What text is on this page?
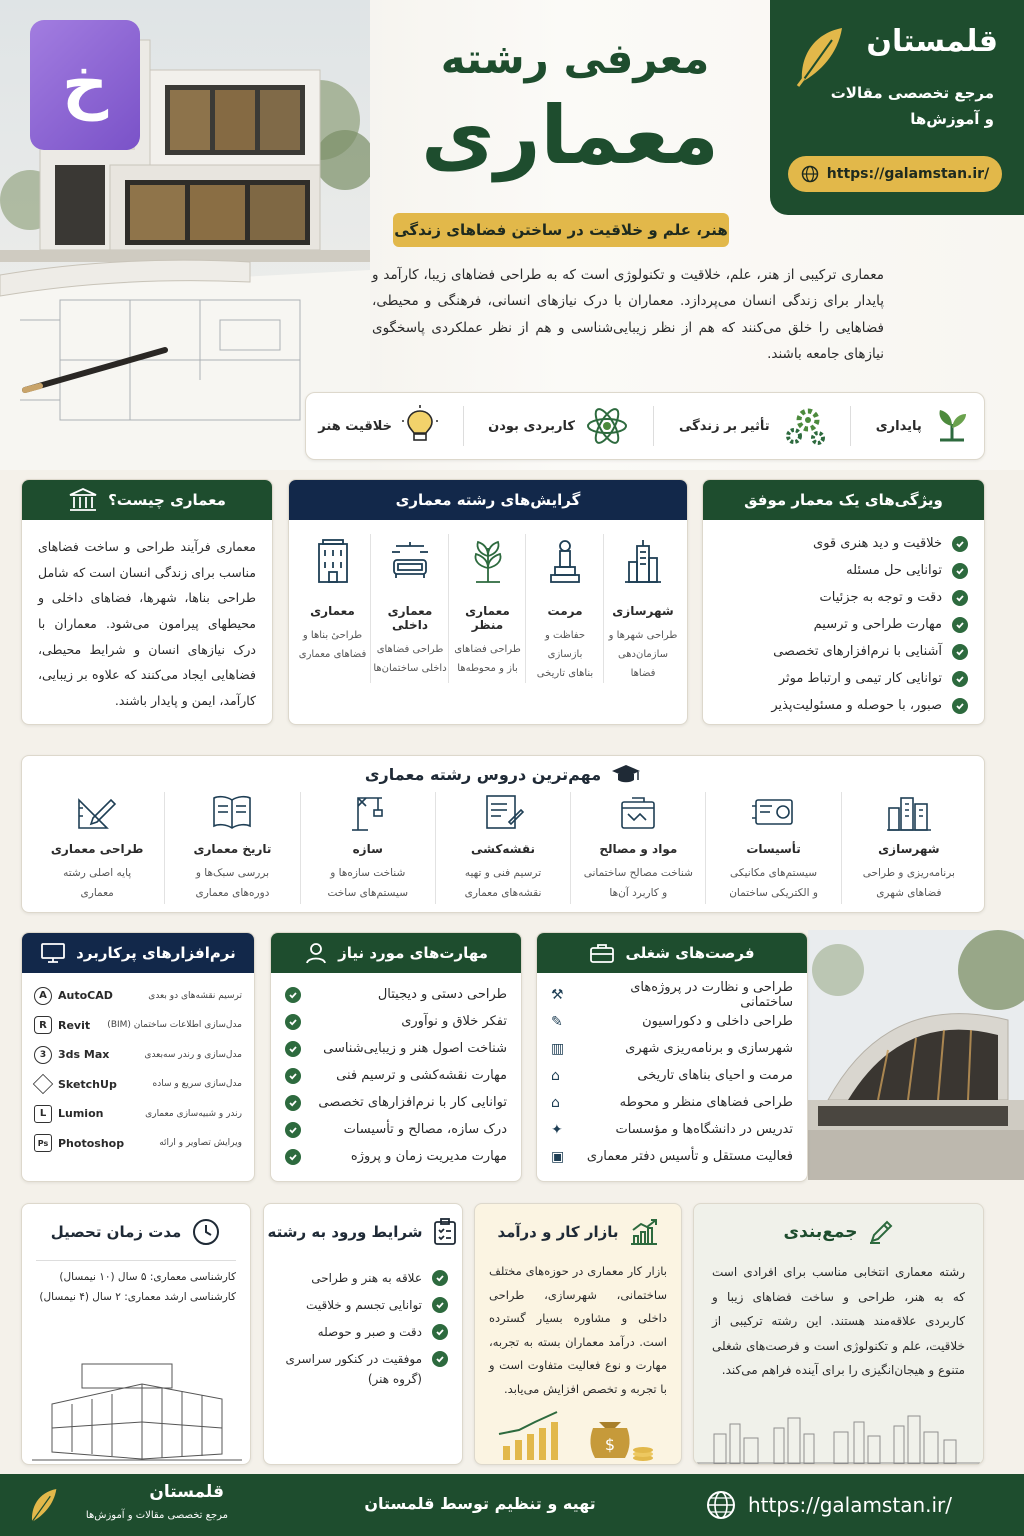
خ	معرفی رشته
معماری
هنر، علم و خلاقیت در ساختن فضاهای زندگی
قلمستان
مرجع تخصصی مقالات
و آموزش‌ها
https://galamstan.ir/
معماری ترکیبی از هنر، علم، خلاقیت و تکنولوژی است که به طراحی فضاهای زیبا، کارآمد و پایدار برای زندگی انسان می‌پردازد. معماران با درک نیازهای انسانی، فرهنگی و محیطی، فضاهایی را خلق می‌کنند که هم از نظر زیبایی‌شناسی و هم از نظر عملکردی پاسخگوی نیازهای جامعه باشند.
پایداری
تأثیر بر زندگی
کاربردی بودن
خلاقیت هنر
ویژگی‌های یک معمار موفق
خلاقیت و دید هنری قوی
توانایی حل مسئله
دقت و توجه به جزئیات
مهارت طراحی و ترسیم
آشنایی با نرم‌افزارهای تخصصی
توانایی کار تیمی و ارتباط موثر
صبور، با حوصله و مسئولیت‌پذیر
گرایش‌های رشته معماری
شهرسازی
طراحی شهرها و
سازمان‌دهی فضاها
مرمت
حفاظت و بازسازی
بناهای تاریخی
معماری منظر
طراحی فضاهای
باز و محوطه‌ها
معماری داخلی
طراحی فضاهای
داخلی ساختمان‌ها
معماری
طراحیٔ بناها و
فضاهای معماری
معماری چیست؟
معماری فرآیند طراحی و ساخت فضاهای مناسب برای زندگی انسان است که شامل طراحی بناها، شهرها، فضاهای داخلی و محیطهای پیرامون می‌شود. معماران با درک نیازهای انسان و شرایط محیطی، فضاهایی ایجاد می‌کنند که علاوه بر زیبایی، کارآمد، ایمن و پایدار باشند.
مهم‌ترین دروس رشته معماری
شهرسازی
برنامه‌ریزی و طراحی
فضاهای شهری
تأسیسات
سیستم‌های مکانیکی
و الکتریکی ساختمان
مواد و مصالح
شناخت مصالح ساختمانی
و کاربرد آن‌ها
نقشه‌کشی
ترسیم فنی و تهیه
نقشه‌های معماری
سازه
شناخت سازه‌ها و
سیستم‌های ساخت
تاریخ معماری
بررسی سبک‌ها و
دوره‌های معماری
طراحی معماری
پایه اصلی رشته
معماری
فرصت‌های شغلی
طراحی و نظارت در پروژه‌های ساختمانی
⚒
طراحی داخلی و دکوراسیون
✎
شهرسازی و برنامه‌ریزی شهری
▥
مرمت و احیای بناهای تاریخی
⌂
طراحی فضاهای منظر و محوطه
⌂
تدریس در دانشگاه‌ها و مؤسسات
✦
فعالیت مستقل و تأسیس دفتر معماری
▣
مهارت‌های مورد نیاز
طراحی دستی و دیجیتال
تفکر خلاق و نوآوری
شناخت اصول هنر و زیبایی‌شناسی
مهارت نقشه‌کشی و ترسیم فنی
توانایی کار با نرم‌افزارهای تخصصی
درک سازه، مصالح و تأسیسات
مهارت مدیریت زمان و پروژه
نرم‌افزارهای پرکاربرد
ترسیم نقشه‌های دو بعدی
A	AutoCAD
مدل‌سازی اطلاعات ساختمان (BIM)
R	Revit
مدل‌سازی و رندر سه‌بعدی
3	3ds Max
مدل‌سازی سریع و ساده
SketchUp
رندر و شبیه‌سازی معماری
L	Lumion
ویرایش تصاویر و ارائه
Ps Photoshop
جمع‌بندی
رشته معماری انتخابی مناسب برای افرادی است که به هنر، طراحی و ساخت فضاهای زیبا و کاربردی علاقه‌مند هستند. این رشته ترکیبی از خلاقیت، علم و تکنولوژی است و فرصت‌های شغلی متنوع و هیجان‌انگیزی را برای آینده فراهم می‌کند.
بازار کار و درآمد
بازار کار معماری در حوزه‌های مختلف ساختمانی، شهرسازی، طراحی داخلی و مشاوره بسیار گسترده است. درآمد معماران بسته به تجربه، مهارت و نوع فعالیت متفاوت است و با تجربه و تخصص افزایش می‌یابد.
$
شرایط ورود به رشته
علاقه به هنر و طراحی
توانایی تجسم و خلاقیت
دقت و صبر و حوصله
موفقیت در کنکور سراسری
(گروه هنر)
مدت زمان تحصیل
کارشناسی معماری: ۵ سال (۱۰ نیمسال)
کارشناسی ارشد معماری: ۲ سال (۴ نیمسال)
https://galamstan.ir/
تهیه و تنظیم توسط قلمستان
قلمستان
مرجع تخصصی مقالات و آموزش‌ها
